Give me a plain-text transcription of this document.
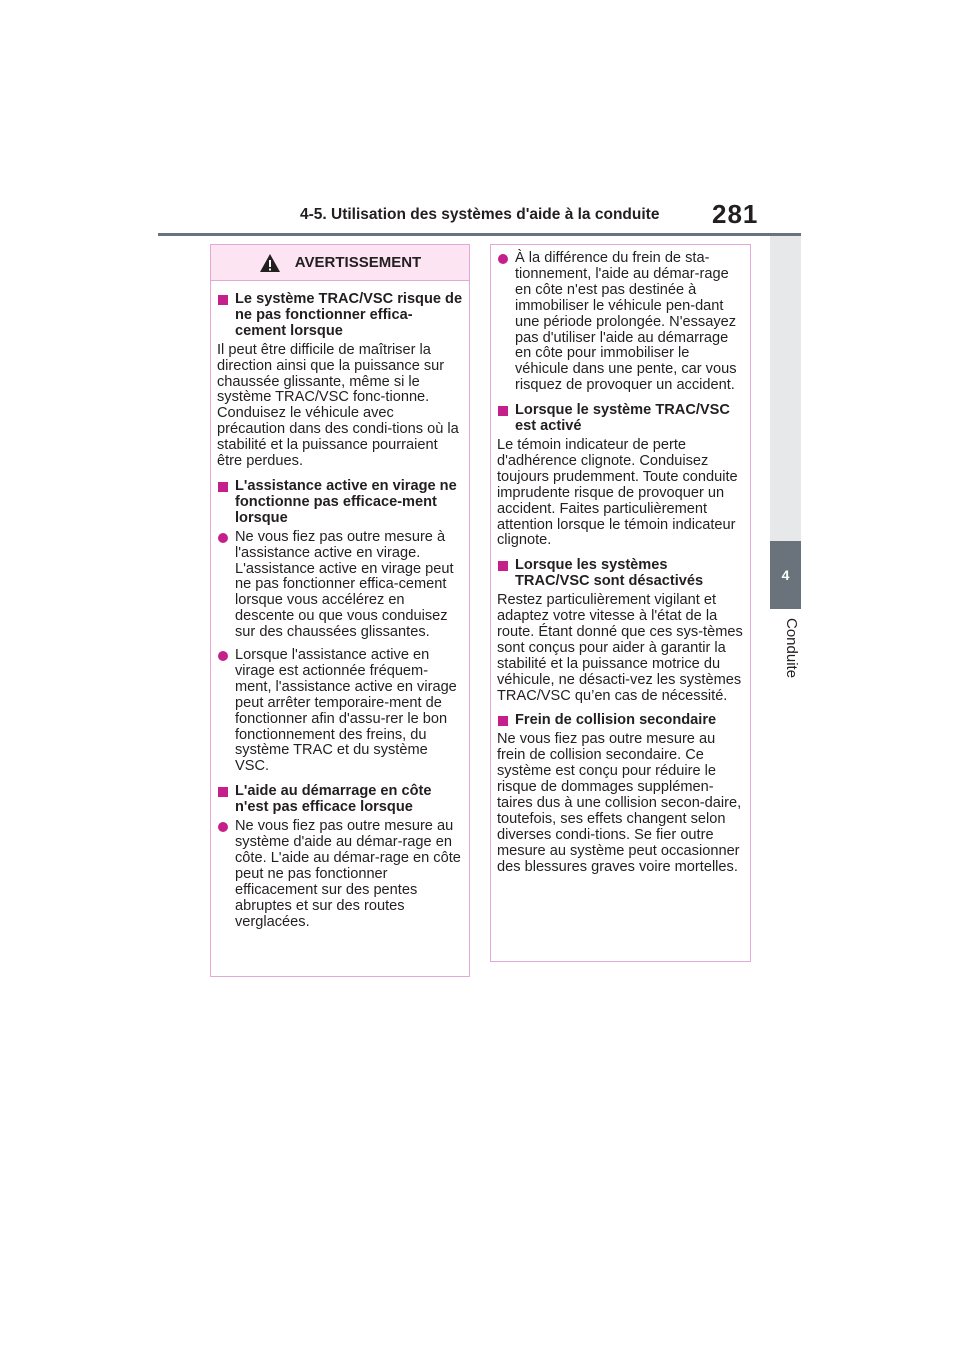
4-5. Utilisation des systèmes d'aide à la conduite	281
4
Conduite
AVERTISSEMENT
Le système TRAC/VSC risque de ne pas fonctionner effica-cement lorsque
Il peut être difficile de maîtriser la direction ainsi que la puissance sur chaussée glissante, même si le système TRAC/VSC fonc-tionne. Conduisez le véhicule avec précaution dans des condi-tions où la stabilité et la puissance pourraient être perdues.
L'assistance active en virage ne fonctionne pas efficace-ment lorsque
Ne vous fiez pas outre mesure à l'assistance active en virage. L'assistance active en virage peut ne pas fonctionner effica-cement lorsque vous accélérez en descente ou que vous conduisez sur des chaussées glissantes.
Lorsque l'assistance active en virage est actionnée fréquem-ment, l'assistance active en virage peut arrêter temporaire-ment de fonctionner afin d'assu-rer le bon fonctionnement des freins, du système TRAC et du système VSC.
L'aide au démarrage en côte n'est pas efficace lorsque
Ne vous fiez pas outre mesure au système d'aide au démar-rage en côte. L'aide au démar-rage en côte peut ne pas fonctionner efficacement sur des pentes abruptes et sur des routes verglacées.
À la différence du frein de sta-tionnement, l'aide au démar-rage en côte n'est pas destinée à immobiliser le véhicule pen-dant une période prolongée. N'essayez pas d'utiliser l'aide au démarrage en côte pour immobiliser le véhicule dans une pente, car vous risquez de provoquer un accident.
Lorsque le système TRAC/VSC est activé
Le témoin indicateur de perte d'adhérence clignote. Conduisez toujours prudemment. Toute conduite imprudente risque de provoquer un accident. Faites particulièrement attention lorsque le témoin indicateur clignote.
Lorsque les systèmes TRAC/VSC sont désactivés
Restez particulièrement vigilant et adaptez votre vitesse à l'état de la route. Étant donné que ces sys-tèmes sont conçus pour aider à garantir la stabilité et la puissance motrice du véhicule, ne désacti-vez les systèmes TRAC/VSC qu’en cas de nécessité.
Frein de collision secondaire
Ne vous fiez pas outre mesure au frein de collision secondaire. Ce système est conçu pour réduire le risque de dommages supplémen-taires dus à une collision secon-daire, toutefois, ses effets changent selon diverses condi-tions. Se fier outre mesure au système peut occasionner des blessures graves voire mortelles.
